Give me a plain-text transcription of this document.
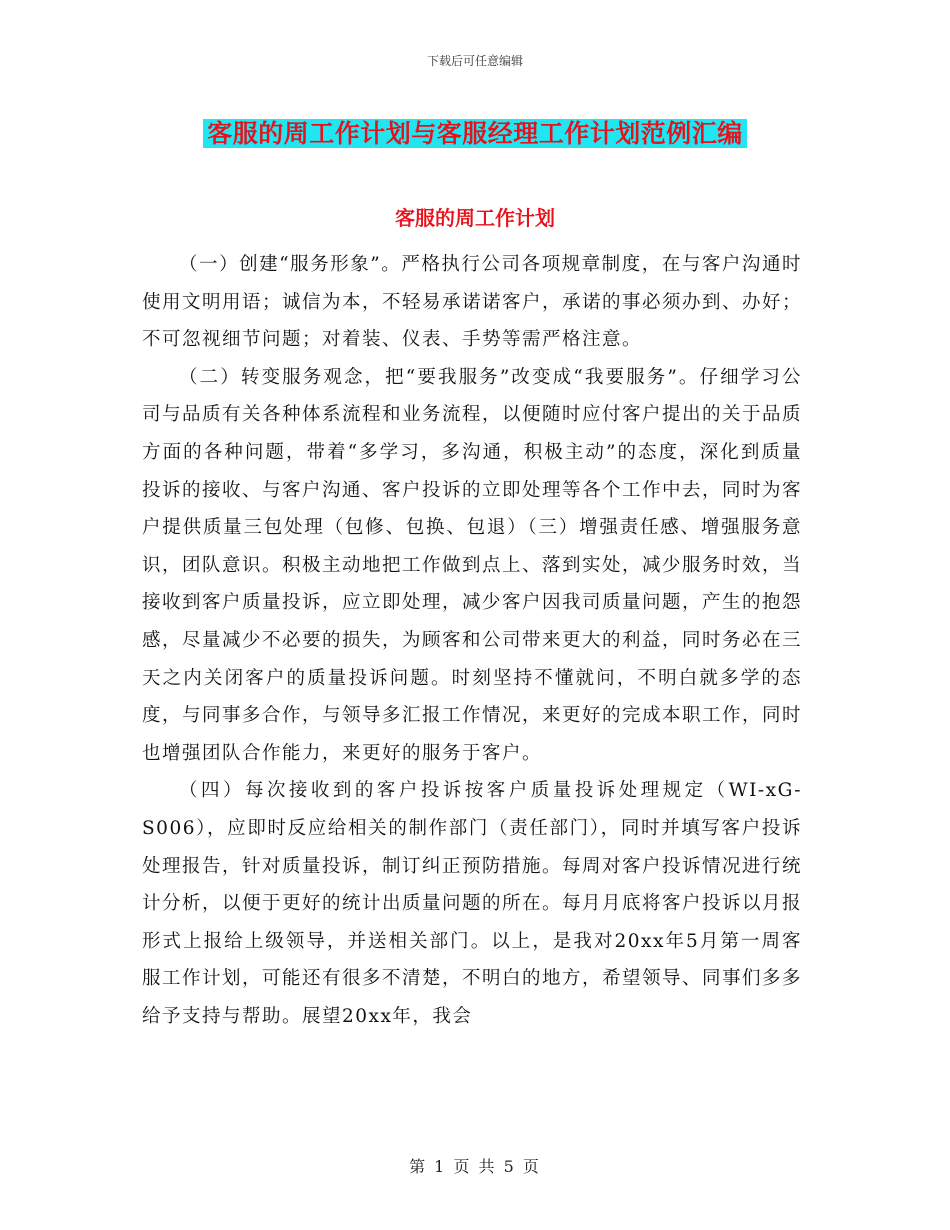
下载后可任意编辑
客服的周工作计划与客服经理工作计划范例汇编
客服的周工作计划

（一）创建“服务形象”。严格执行公司各项规章制度，在与客户沟通时使用文明用语；诚信为本，不轻易承诺诺客户，承诺的事必须办到、办好；不可忽视细节问题；对着装、仪表、手势等需严格注意。

（二）转变服务观念，把“要我服务”改变成“我要服务”。仔细学习公司与品质有关各种体系流程和业务流程，以便随时应付客户提出的关于品质方面的各种问题，带着“多学习，多沟通，积极主动”的态度，深化到质量投诉的接收、与客户沟通、客户投诉的立即处理等各个工作中去，同时为客户提供质量三包处理（包修、包换、包退）（三）增强责任感、增强服务意识，团队意识。积极主动地把工作做到点上、落到实处，减少服务时效，当接收到客户质量投诉，应立即处理，减少客户因我司质量问题，产生的抱怨感，尽量减少不必要的损失，为顾客和公司带来更大的利益，同时务必在三天之内关闭客户的质量投诉问题。时刻坚持不懂就问，不明白就多学的态度，与同事多合作，与领导多汇报工作情况，来更好的完成本职工作，同时也增强团队合作能力，来更好的服务于客户。

（四）每次接收到的客户投诉按客户质量投诉处理规定（WI-xG-S006），应即时反应给相关的制作部门（责任部门），同时并填写客户投诉处理报告，针对质量投诉，制订纠正预防措施。每周对客户投诉情况进行统计分析，以便于更好的统计出质量问题的所在。每月月底将客户投诉以月报形式上报给上级领导，并送相关部门。以上，是我对20xx年5月第一周客服工作计划，可能还有很多不清楚，不明白的地方，希望领导、同事们多多给予支持与帮助。展望20xx年，我会

第 1 页 共 5 页
